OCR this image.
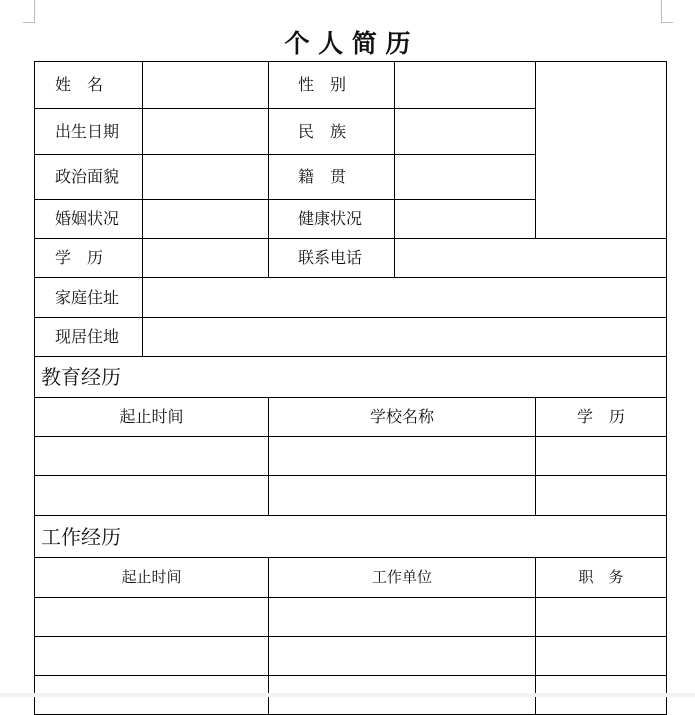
个 人 简 历
姓　名		性　别		
出生日期		民　族		
政治面貌		籍　贯		
婚姻状况		健康状况		
学　历		联系电话		
家庭住址				
现居住地				
教育经历				
起止时间		学校名称		学　历

工作经历				
起止时间		工作单位		职　务
